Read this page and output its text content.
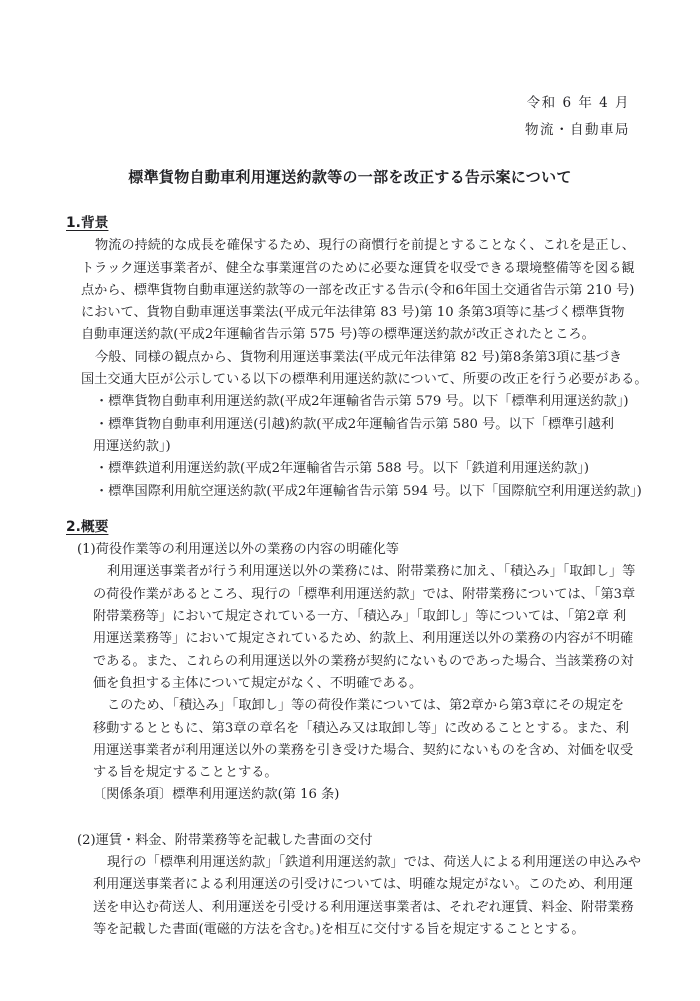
令和 6 年 4 月
物流・自動車局
標準貨物自動車利用運送約款等の一部を改正する告示案について
1.背景
物流の持続的な成長を確保するため、現行の商慣行を前提とすることなく、これを是正し、
トラック運送事業者が、健全な事業運営のために必要な運賃を収受できる環境整備等を図る観
点から、標準貨物自動車運送約款等の一部を改正する告示(令和6年国土交通省告示第 210 号)
において、貨物自動車運送事業法(平成元年法律第 83 号)第 10 条第3項等に基づく標準貨物
自動車運送約款(平成2年運輸省告示第 575 号)等の標準運送約款が改正されたところ。
今般、同様の観点から、貨物利用運送事業法(平成元年法律第 82 号)第8条第3項に基づき
国土交通大臣が公示している以下の標準利用運送約款について、所要の改正を行う必要がある。
・標準貨物自動車利用運送約款(平成2年運輸省告示第 579 号。以下「標準利用運送約款」)
・標準貨物自動車利用運送(引越)約款(平成2年運輸省告示第 580 号。以下「標準引越利
用運送約款」)
・標準鉄道利用運送約款(平成2年運輸省告示第 588 号。以下「鉄道利用運送約款」)
・標準国際利用航空運送約款(平成2年運輸省告示第 594 号。以下「国際航空利用運送約款」)
2.概要
(1)荷役作業等の利用運送以外の業務の内容の明確化等
利用運送事業者が行う利用運送以外の業務には、附帯業務に加え、「積込み」「取卸し」等
の荷役作業があるところ、現行の「標準利用運送約款」では、附帯業務については、「第3章
附帯業務等」において規定されている一方、「積込み」「取卸し」等については、「第2章 利
用運送業務等」において規定されているため、約款上、利用運送以外の業務の内容が不明確
である。また、これらの利用運送以外の業務が契約にないものであった場合、当該業務の対
価を負担する主体について規定がなく、不明確である。
このため、「積込み」「取卸し」等の荷役作業については、第2章から第3章にその規定を
移動するとともに、第3章の章名を「積込み又は取卸し等」に改めることとする。また、利
用運送事業者が利用運送以外の業務を引き受けた場合、契約にないものを含め、対価を収受
する旨を規定することとする。
〔関係条項〕標準利用運送約款(第 16 条)
(2)運賃・料金、附帯業務等を記載した書面の交付
現行の「標準利用運送約款」「鉄道利用運送約款」では、荷送人による利用運送の申込みや
利用運送事業者による利用運送の引受けについては、明確な規定がない。このため、利用運
送を申込む荷送人、利用運送を引受ける利用運送事業者は、それぞれ運賃、料金、附帯業務
等を記載した書面(電磁的方法を含む。)を相互に交付する旨を規定することとする。
